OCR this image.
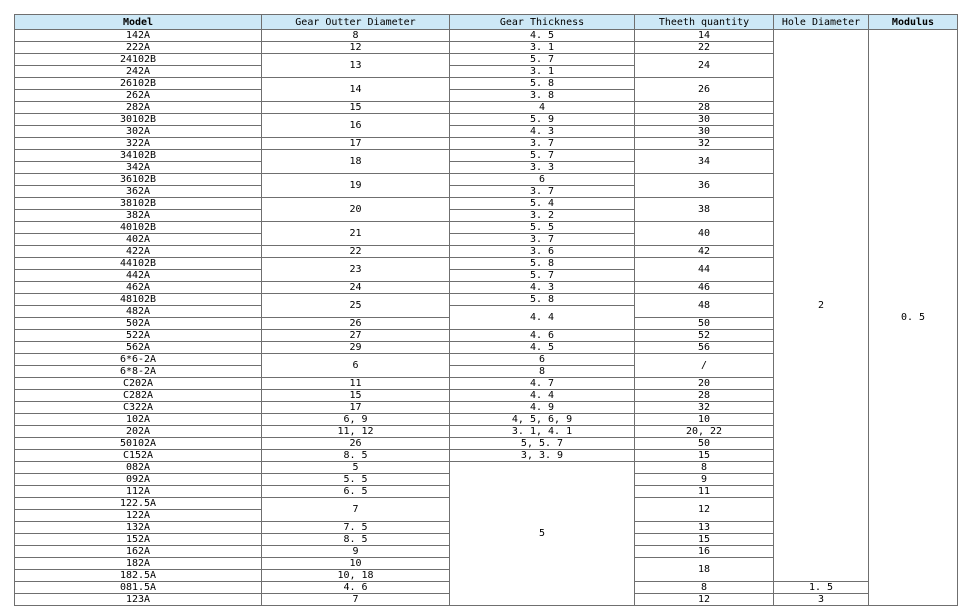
Model	Gear Outter Diameter	Gear Thickness	Theeth quantity	Hole Diameter	Modulus
142A	8	4. 5	14	2	0. 5
222A	12	3. 1	22		
24102B	13	5. 7	24		
242A		3. 1			
26102B	14	5. 8	26		
262A		3. 8			
282A	15	4	28		
30102B	16	5. 9	30		
302A		4. 3	30		
322A	17	3. 7	32		
34102B	18	5. 7	34		
342A		3. 3			
36102B	19	6	36		
362A		3. 7			
38102B	20	5. 4	38		
382A		3. 2			
40102B	21	5. 5	40		
402A		3. 7			
422A	22	3. 6	42		
44102B	23	5. 8	44		
442A		5. 7			
462A	24	4. 3	46		
48102B	25	5. 8	48		
482A		4. 4			
502A	26		50		
522A	27	4. 6	52		
562A	29	4. 5	56		
6*6-2A	6	6	/		
6*8-2A		8			
C202A	11	4. 7	20		
C282A	15	4. 4	28		
C322A	17	4. 9	32		
102A	6, 9	4, 5, 6, 9	10		
202A	11, 12	3. 1, 4. 1	20, 22		
50102A	26	5, 5. 7	50		
C152A	8. 5	3, 3. 9	15		
082A	5	5	8		
092A	5. 5		9		
112A	6. 5		11		
122.5A	7		12		
122A					
132A	7. 5		13		
152A	8. 5		15		
162A	9		16		
182A	10		18		
182.5A	10, 18				
081.5A	4. 6		8	1. 5	
123A	7		12	3	
